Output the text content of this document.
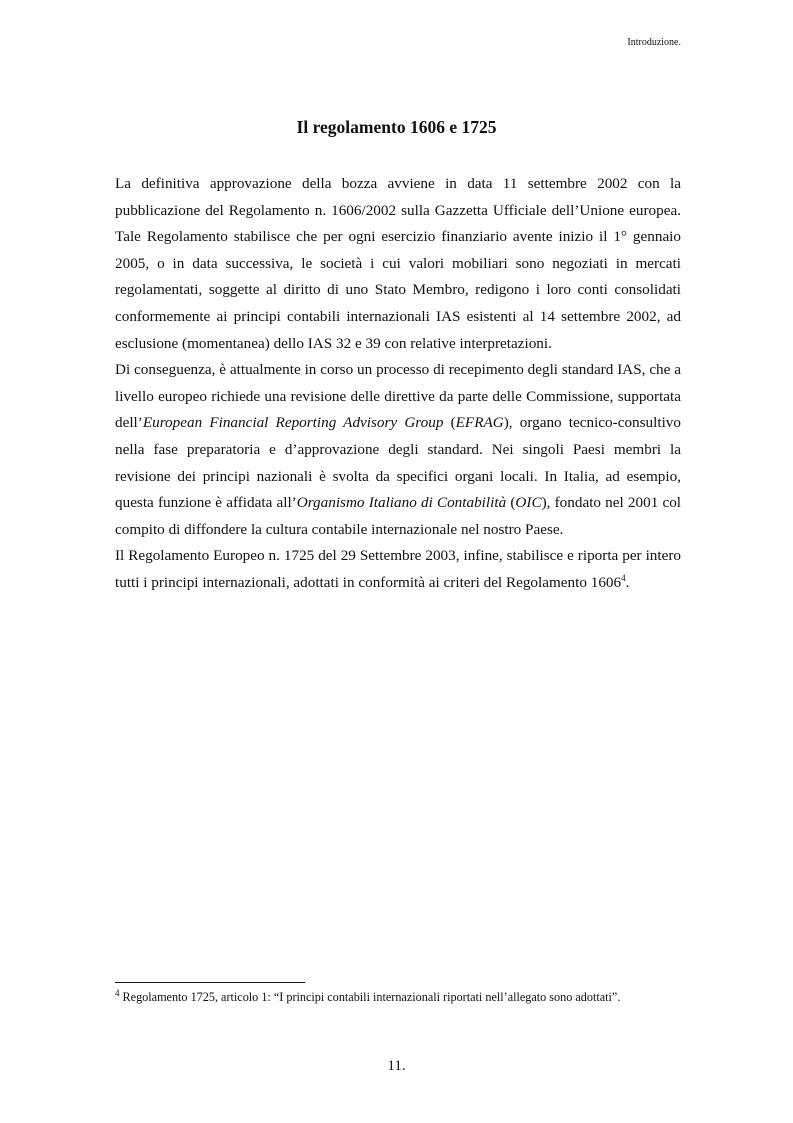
Introduzione.
Il regolamento 1606 e 1725

La definitiva approvazione della bozza avviene in data 11 settembre 2002 con la pubblicazione del Regolamento n. 1606/2002 sulla Gazzetta Ufficiale dell’Unione europea. Tale Regolamento stabilisce che per ogni esercizio finanziario avente inizio il 1° gennaio 2005, o in data successiva, le società i cui valori mobiliari sono negoziati in mercati regolamentati, soggette al diritto di uno Stato Membro, redigono i loro conti consolidati conformemente ai principi contabili internazionali IAS esistenti al 14 settembre 2002, ad esclusione (momentanea) dello IAS 32 e 39 con relative interpretazioni.

Di conseguenza, è attualmente in corso un processo di recepimento degli standard IAS, che a livello europeo richiede una revisione delle direttive da parte delle Commissione, supportata dell’European Financial Reporting Advisory Group (EFRAG), organo tecnico-consultivo nella fase preparatoria e d’approvazione degli standard. Nei singoli Paesi membri la revisione dei principi nazionali è svolta da specifici organi locali. In Italia, ad esempio, questa funzione è affidata all’Organismo Italiano di Contabilità (OIC), fondato nel 2001 col compito di diffondere la cultura contabile internazionale nel nostro Paese.

Il Regolamento Europeo n. 1725 del 29 Settembre 2003, infine, stabilisce e riporta per intero tutti i principi internazionali, adottati in conformità ai criteri del Regolamento 1606$^4$.

$^4$ Regolamento 1725, articolo 1: “I principi contabili internazionali riportati nell’allegato sono adottati”.
11.
